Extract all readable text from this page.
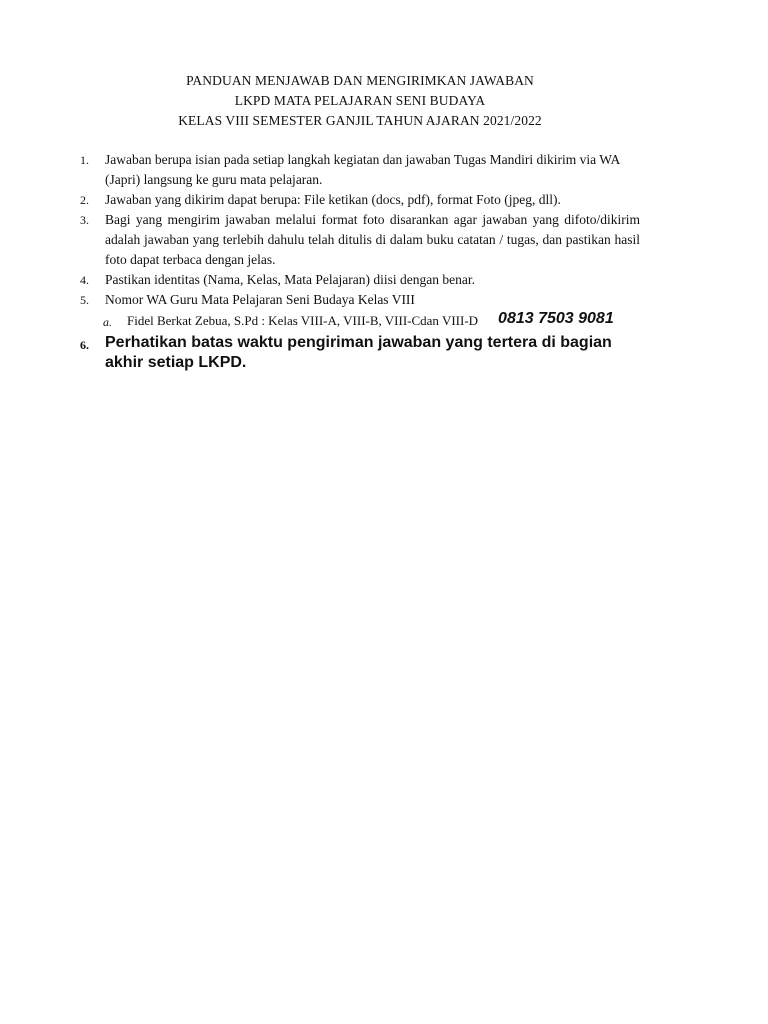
PANDUAN MENJAWAB DAN MENGIRIMKAN JAWABAN
LKPD MATA PELAJARAN SENI BUDAYA
KELAS VIII SEMESTER GANJIL TAHUN AJARAN 2021/2022
1. Jawaban berupa isian pada setiap langkah kegiatan dan jawaban Tugas Mandiri dikirim via WA (Japri) langsung ke guru mata pelajaran.
2. Jawaban yang dikirim dapat berupa: File ketikan (docs, pdf), format Foto (jpeg, dll).
3. Bagi yang mengirim jawaban melalui format foto disarankan agar jawaban yang difoto/dikirim adalah jawaban yang terlebih dahulu telah ditulis di dalam buku catatan / tugas, dan pastikan hasil foto dapat terbaca dengan jelas.
4. Pastikan identitas (Nama, Kelas, Mata Pelajaran) diisi dengan benar.
5. Nomor WA Guru Mata Pelajaran Seni Budaya Kelas VIII
a. Fidel Berkat Zebua, S.Pd : Kelas VIII-A, VIII-B, VIII-Cdan VIII-D 0813 7503 9081
6. Perhatikan batas waktu pengiriman jawaban yang tertera di bagian akhir setiap LKPD.
